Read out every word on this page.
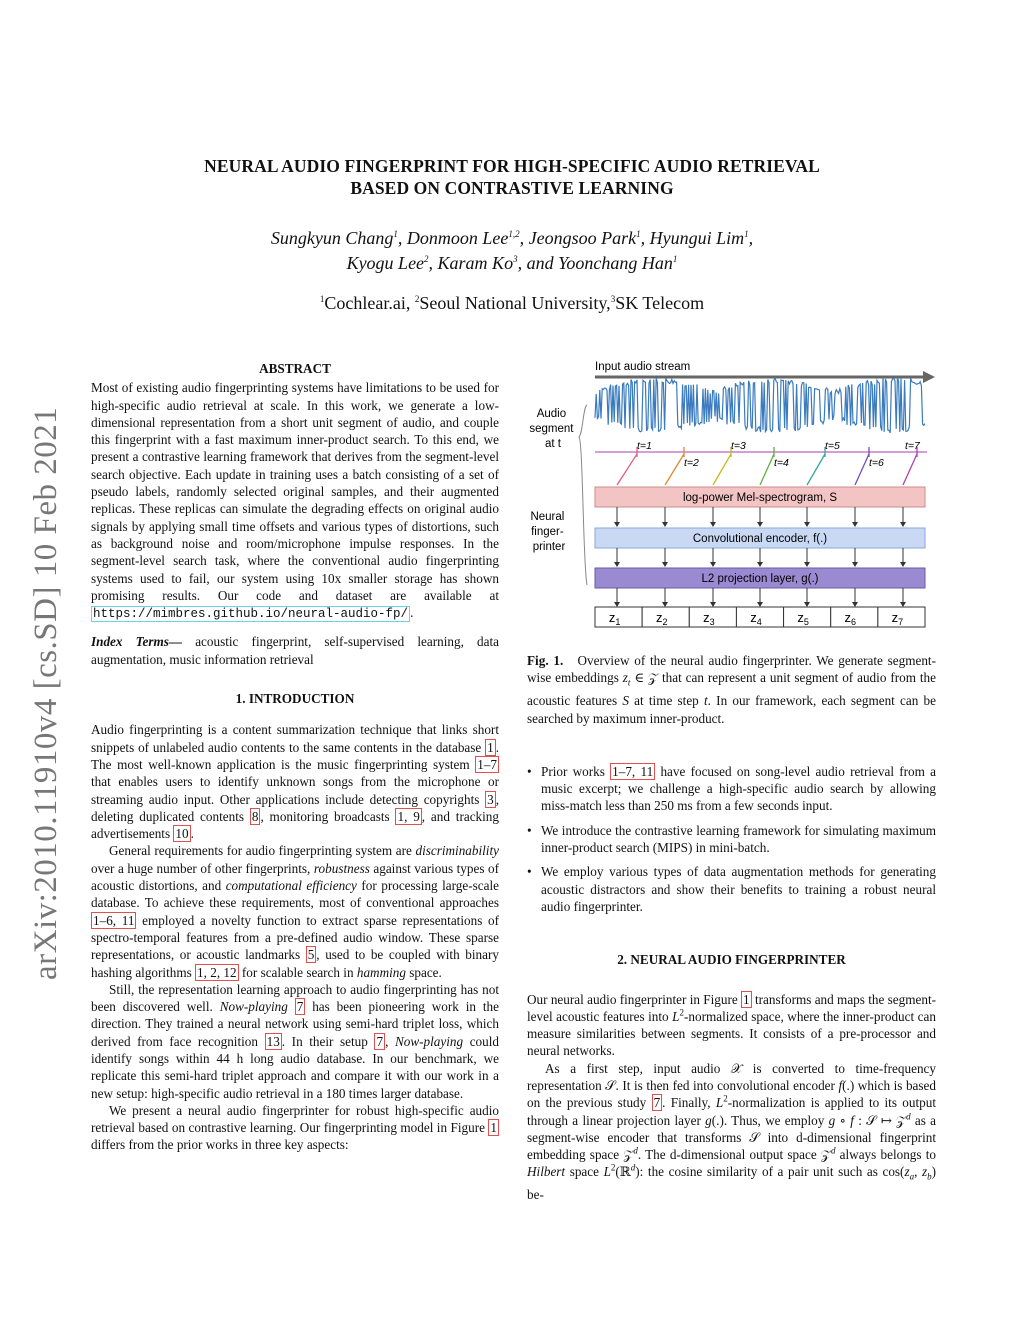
arXiv:2010.11910v4 [cs.SD] 10 Feb 2021
NEURAL AUDIO FINGERPRINT FOR HIGH-SPECIFIC AUDIO RETRIEVAL
BASED ON CONTRASTIVE LEARNING
Sungkyun Chang$^1$, Donmoon Lee$^{1,2}$, Jeongsoo Park$^1$, Hyungui Lim$^1$,
Kyogu Lee$^2$, Karam Ko$^3$, and Yoonchang Han$^1$
$^1$Cochlear.ai, $^2$Seoul National University,$^3$SK Telecom
ABSTRACT

Most of existing audio fingerprinting systems have limitations to be used for high-specific audio retrieval at scale. In this work, we generate a low-dimensional representation from a short unit segment of audio, and couple this fingerprint with a fast maximum inner-product search. To this end, we present a contrastive learning framework that derives from the segment-level search objective. Each update in training uses a batch consisting of a set of pseudo labels, randomly selected original samples, and their augmented replicas. These replicas can simulate the degrading effects on original audio signals by applying small time offsets and various types of distortions, such as background noise and room/microphone impulse responses. In the segment-level search task, where the conventional audio fingerprinting systems used to fail, our system using 10x smaller storage has shown promising results. Our code and dataset are available at https://mimbres.github.io/neural-audio-fp/ .

Index Terms— acoustic fingerprint, self-supervised learning, data augmentation, music information retrieval

1. INTRODUCTION

Audio fingerprinting is a content summarization technique that links short snippets of unlabeled audio contents to the same contents in the database 1 . The most well-known application is the music fingerprinting system 1–7 that enables users to identify unknown songs from the microphone or streaming audio input. Other applications include detecting copyrights 3 , deleting duplicated contents 8 , monitoring broadcasts 1, 9 , and tracking advertisements 10 .

General requirements for audio fingerprinting system are discriminability over a huge number of other fingerprints, robustness against various types of acoustic distortions, and computational efficiency for processing large-scale database. To achieve these requirements, most of conventional approaches 1–6, 11 employed a novelty function to extract sparse representations of spectro-temporal features from a pre-defined audio window. These sparse representations, or acoustic landmarks 5 , used to be coupled with binary hashing algorithms 1, 2, 12 for scalable search in hamming space.

Still, the representation learning approach to audio fingerprinting has not been discovered well. Now-playing 7 has been pioneering work in the direction. They trained a neural network using semi-hard triplet loss, which derived from face recognition 13 . In their setup 7 , Now-playing could identify songs within 44 h long audio database. In our benchmark, we replicate this semi-hard triplet approach and compare it with our work in a new setup: high-specific audio retrieval in a 180 times larger database.

We present a neural audio fingerprinter for robust high-specific audio retrieval based on contrastive learning. Our fingerprinting model in Figure 1 differs from the prior works in three key aspects:

Input audio stream
Audio segment at t	t=1	t=3	t=5	t=7
t=2	t=4	t=6
Neural finger- printer
log-power Mel-spectrogram, S
Convolutional encoder, f(.)
L2 projection layer, g(.)
$z_1$	$z_2$	$z_3$	$z_4$	$z_5$	$z_6$	$z_7$

Fig. 1.   Overview of the neural audio fingerprinter. We generate segment-wise embeddings $z_t$ ∈ 𝒵 that can represent a unit segment of audio from the acoustic features S at time step t. In our framework, each segment can be searched by maximum inner-product.

• Prior works 1–7, 11 have focused on song-level audio retrieval from a music excerpt; we challenge a high-specific audio search by allowing miss-match less than 250 ms from a few seconds input.
• We introduce the contrastive learning framework for simulating maximum inner-product search (MIPS) in mini-batch.
• We employ various types of data augmentation methods for generating acoustic distractors and show their benefits to training a robust neural audio fingerprinter.
2. NEURAL AUDIO FINGERPRINTER

Our neural audio fingerprinter in Figure 1 transforms and maps the segment-level acoustic features into $L^2$-normalized space, where the inner-product can measure similarities between segments. It consists of a pre-processor and neural networks.

As a first step, input audio 𝒳 is converted to time-frequency representation 𝒮. It is then fed into convolutional encoder f(.) which is based on the previous study 7 . Finally, $L^2$-normalization is applied to its output through a linear projection layer g(.). Thus, we employ g ∘ f : 𝒮 ↦ 𝒵$^d$ as a segment-wise encoder that transforms 𝒮 into d-dimensional fingerprint embedding space 𝒵$^d$. The d-dimensional output space 𝒵$^d$ always belongs to Hilbert space $L^2(ℝ^d)$: the cosine similarity of a pair unit such as $\cos(z_a$, $z_b$) be-
